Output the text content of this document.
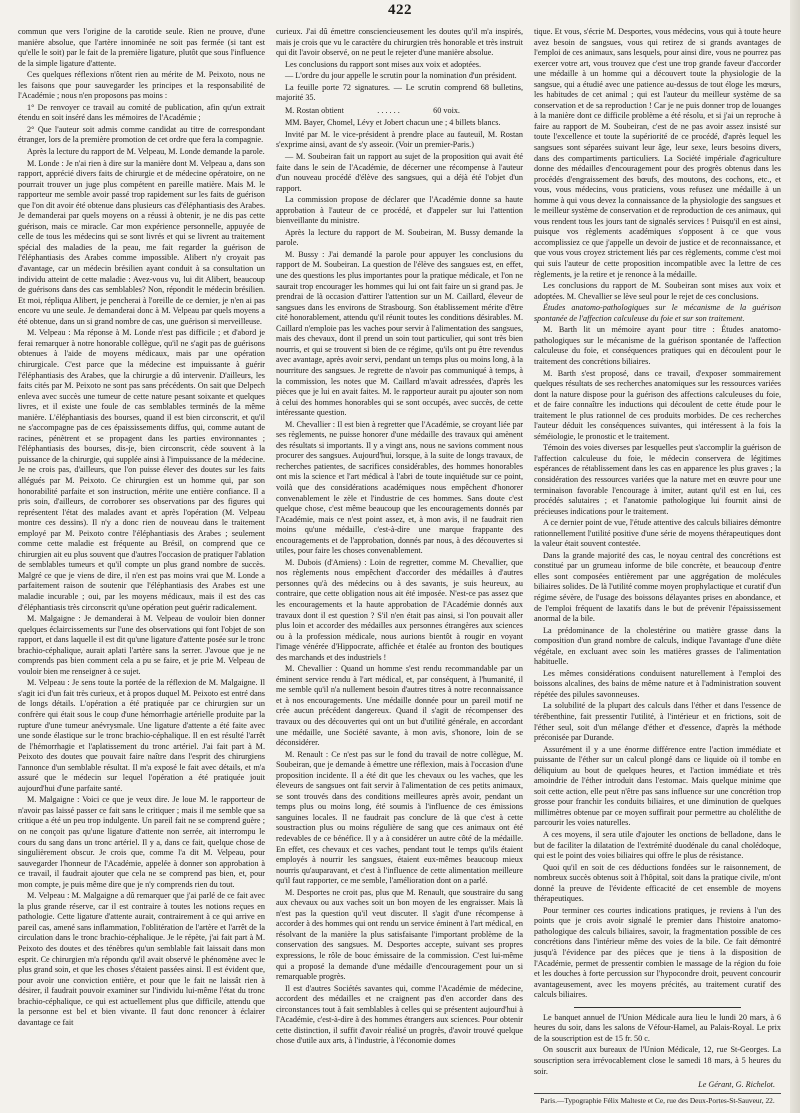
422

commun que vers l'origine de la carotide seule. Rien ne prouve, d'une manière absolue, que l'artère innominée ne soit pas fermée (si tant est qu'elle le soit) par le fait de la première ligature, plutôt que sous l'influence de la simple ligature d'attente.

Ces quelques réflexions n'ôtent rien au mérite de M. Peixoto, nous ne les faisons que pour sauvegarder les principes et la responsabilité de l'Académie ; nous n'en proposons pas moins :

1° De renvoyer ce travail au comité de publication, afin qu'un extrait étendu en soit inséré dans les mémoires de l'Académie ;

2° Que l'auteur soit admis comme candidat au titre de correspondant étranger, lors de la première promotion de cet ordre que fera la compagnie.

Après la lecture du rapport de M. Velpeau, M. Londe demande la parole.

M. Londe : Je n'ai rien à dire sur la manière dont M. Velpeau a, dans son rapport, apprécié divers faits de chirurgie et de médecine opératoire, on ne pourrait trouver un juge plus compétent en pareille matière. Mais M. le rapporteur me semble avoir passé trop rapidement sur les faits de guérison que l'on dit avoir été obtenue dans plusieurs cas d'éléphantiasis des Arabes. Je demanderai par quels moyens on a réussi à obtenir, je ne dis pas cette guérison, mais ce miracle. Car mon expérience personnelle, appuyée de celle de tous les médecins qui se sont livrés et qui se livrent au traitement spécial des maladies de la peau, me fait regarder la guérison de l'éléphantiasis des Arabes comme impossible. Alibert n'y croyait pas d'avantage, car un médecin brésilien ayant conduit à sa consultation un individu atteint de cette maladie : Avez-vous vu, lui dit Alibert, beaucoup de guérisons dans des cas semblables? Non, répondit le médecin brésilien. Et moi, répliqua Alibert, je pencherai à l'oreille de ce dernier, je n'en ai pas encore vu une seule. Je demanderai donc à M. Velpeau par quels moyens a été obtenue, dans un si grand nombre de cas, une guérison si merveilleuse.

M. Velpeau : Ma réponse à M. Londe n'est pas difficile ; et d'abord je ferai remarquer à notre honorable collègue, qu'il ne s'agit pas de guérisons obtenues à l'aide de moyens médicaux, mais par une opération chirurgicale. C'est parce que la médecine est impuissante à guérir l'éléphantiasis des Arabes, que la chirurgie a dû intervenir. D'ailleurs, les faits cités par M. Peixoto ne sont pas sans précédents. On sait que Delpech enleva avec succès une tumeur de cette nature pesant soixante et quelques livres, et il existe une foule de cas semblables terminés de la même manière. L'éléphantiasis des bourses, quand il est bien circonscrit, et qu'il ne s'accompagne pas de ces épaississements diffus, qui, comme autant de racines, pénètrent et se propagent dans les parties environnantes ; l'éléphantiasis des bourses, dis-je, bien circonscrit, cède souvent à la puissance de la chirurgie, qui supplée ainsi à l'impuissance de la médecine. Je ne crois pas, d'ailleurs, que l'on puisse élever des doutes sur les faits allégués par M. Peixoto. Ce chirurgien est un homme qui, par son honorabilité parfaite et son instruction, mérite une entière confiance. Il a pris soin, d'ailleurs, de corroborer ses observations par des figures qui représentent l'état des malades avant et après l'opération (M. Velpeau montre ces dessins). Il n'y a donc rien de nouveau dans le traitement employé par M. Peixoto contre l'éléphantiasis des Arabes ; seulement comme cette maladie est fréquente au Brésil, on comprend que ce chirurgien ait eu plus souvent que d'autres l'occasion de pratiquer l'ablation de semblables tumeurs et qu'il compte un plus grand nombre de succès. Malgré ce que je viens de dire, il n'en est pas moins vrai que M. Londe a parfaitement raison de soutenir que l'éléphantiasis des Arabes est une maladie incurable ; oui, par les moyens médicaux, mais il est des cas d'éléphantiasis très circonscrit qu'une opération peut guérir radicalement.

M. Malgaigne : Je demanderai à M. Velpeau de vouloir bien donner quelques éclaircissements sur l'une des observations qui font l'objet de son rapport, et dans laquelle il est dit qu'une ligature d'attente posée sur le tronc brachio-céphalique, aurait aplati l'artère sans la serrer. J'avoue que je ne comprends pas bien comment cela a pu se faire, et je prie M. Velpeau de vouloir bien me renseigner à ce sujet.

M. Velpeau : Je sens toute la portée de la réflexion de M. Malgaigne. Il s'agit ici d'un fait très curieux, et à propos duquel M. Peixoto est entré dans de longs détails. L'opération a été pratiquée par ce chirurgien sur un confrère qui était sous le coup d'une hémorrhagie artérielle produite par la rupture d'une tumeur anévrysmale. Une ligature d'attente a été faite avec une sonde élastique sur le tronc brachio-céphalique. Il en est résulté l'arrêt de l'hémorrhagie et l'aplatissement du tronc artériel. J'ai fait part à M. Peixoto des doutes que pouvait faire naître dans l'esprit des chirurgiens l'annonce d'un semblable résultat. Il m'a exposé le fait avec détails, et m'a assuré que le médecin sur lequel l'opération a été pratiquée jouit aujourd'hui d'une parfaite santé.

M. Malgaigne : Voici ce que je veux dire. Je loue M. le rapporteur de n'avoir pas laissé passer ce fait sans le critiquer ; mais il me semble que sa critique a été un peu trop indulgente. Un pareil fait ne se comprend guère ; on ne conçoit pas qu'une ligature d'attente non serrée, ait interrompu le cours du sang dans un tronc artériel. Il y a, dans ce fait, quelque chose de singulièrement obscur. Je crois que, comme l'a dit M. Velpeau, pour sauvegarder l'honneur de l'Académie, appelée à donner son approbation à ce travail, il faudrait ajouter que cela ne se comprend pas bien, et, pour mon compte, je puis même dire que je n'y comprends rien du tout.

M. Velpeau : M. Malgaigne a dû remarquer que j'ai parlé de ce fait avec la plus grande réserve, car il est contraire à toutes les notions reçues en pathologie. Cette ligature d'attente aurait, contrairement à ce qui arrive en pareil cas, amené sans inflammation, l'oblitération de l'artère et l'arrêt de la circulation dans le tronc brachio-céphalique. Je le répète, j'ai fait part à M. Peixoto des doutes et des ténèbres qu'un semblable fait laissait dans mon esprit. Ce chirurgien m'a répondu qu'il avait observé le phénomène avec le plus grand soin, et que les choses s'étaient passées ainsi. Il est évident que, pour avoir une conviction entière, et pour que le fait ne laissât rien à désirer, il faudrait pouvoir examiner sur l'individu lui-même l'état du tronc brachio-céphalique, ce qui est actuellement plus que difficile, attendu que la personne est bel et bien vivante. Il faut donc renoncer à éclairer davantage ce fait

curieux. J'ai dû émettre consciencieusement les doutes qu'il m'a inspirés, mais je crois que vu le caractère du chirurgien très honorable et très instruit qui dit l'avoir observé, on ne peut le rejeter d'une manière absolue.

Les conclusions du rapport sont mises aux voix et adoptées.

— L'ordre du jour appelle le scrutin pour la nomination d'un président.

La feuille porte 72 signatures. — Le scrutin comprend 68 bulletins, majorité 35.

M. Rostan obtient	. . . . . .	60 voix.

MM. Bayer, Chomel, Lévy et Jobert chacun une ; 4 billets blancs.

Invité par M. le vice-président à prendre place au fauteuil, M. Rostan s'exprime ainsi, avant de s'y asseoir. (Voir un premier-Paris.)

— M. Soubeiran fait un rapport au sujet de la proposition qui avait été faite dans le sein de l'Académie, de décerner une récompense à l'auteur d'un nouveau procédé d'élève des sangsues, qui a déjà été l'objet d'un rapport.

La commission propose de déclarer que l'Académie donne sa haute approbation à l'auteur de ce procédé, et d'appeler sur lui l'attention bienveillante du ministre.

Après la lecture du rapport de M. Soubeiran, M. Bussy demande la parole.

M. Bussy : J'ai demandé la parole pour appuyer les conclusions du rapport de M. Soubeiran. La question de l'élève des sangsues est, en effet, une des questions les plus importantes pour la pratique médicale, et l'on ne saurait trop encourager les hommes qui lui ont fait faire un si grand pas. Je prendrai de là occasion d'attirer l'attention sur un M. Caillard, éleveur de sangsues dans les environs de Strasbourg. Son établissement mérite d'être cité honorablement, attendu qu'il réunit toutes les conditions désirables. M. Caillard n'emploie pas les vaches pour servir à l'alimentation des sangsues, mais des chevaux, dont il prend un soin tout particulier, qui sont très bien nourris, et qui se trouvent si bien de ce régime, qu'ils ont pu être revendus avec avantage, après avoir servi, pendant un temps plus ou moins long, à la nourriture des sangsues. Je regrette de n'avoir pas communiqué à temps, à la commission, les notes que M. Caillard m'avait adressées, d'après les pièces que je lui en avait faites. M. le rapporteur aurait pu ajouter son nom à celui des hommes honorables qui se sont occupés, avec succès, de cette intéressante question.

M. Chevallier : Il est bien à regretter que l'Académie, se croyant liée par ses règlements, ne puisse honorer d'une médaille des travaux qui amènent des résultats si importants. Il y a vingt ans, nous ne savions comment nous procurer des sangsues. Aujourd'hui, lorsque, à la suite de longs travaux, de recherches patientes, de sacrifices considérables, des hommes honorables ont mis la science et l'art médical à l'abri de toute inquiétude sur ce point, voilà que des considérations académiques nous empêchent d'honorer convenablement le zèle et l'industrie de ces hommes. Sans doute c'est quelque chose, c'est même beaucoup que les encouragements donnés par l'Académie, mais ce n'est point assez, et, à mon avis, il ne faudrait rien moins qu'une médaille, c'est-à-dire une marque frappante des encouragements et de l'approbation, donnés par nous, à des découvertes si utiles, pour faire les choses convenablement.

M. Dubois (d'Amiens) : Loin de regretter, comme M. Chevallier, que nos règlements nous empêchent d'accorder des médailles à d'autres personnes qu'à des médecins ou à des savants, je suis heureux, au contraire, que cette obligation nous ait été imposée. N'est-ce pas assez que les encouragements et la haute approbation de l'Académie donnés aux travaux dont il est question ? S'il n'en était pas ainsi, si l'on pouvait aller plus loin et accorder des médailles aux personnes étrangères aux sciences ou à la profession médicale, nous aurions bientôt à rougir en voyant l'image vénérée d'Hippocrate, affichée et étalée au fronton des boutiques des marchands et des industriels !

M. Chevallier : Quand un homme s'est rendu recommandable par un éminent service rendu à l'art médical, et, par conséquent, à l'humanité, il me semble qu'il n'a nullement besoin d'autres titres à notre reconnaissance et à nos encouragements. Une médaille donnée pour un pareil motif ne crée aucun précédent dangereux. Quand il s'agit de récompenser des travaux ou des découvertes qui ont un but d'utilité générale, en accordant une médaille, une Société savante, à mon avis, s'honore, loin de se déconsidérer.

M. Renault : Ce n'est pas sur le fond du travail de notre collègue, M. Soubeiran, que je demande à émettre une réflexion, mais à l'occasion d'une proposition incidente. Il a été dit que les chevaux ou les vaches, que les éleveurs de sangsues ont fait servir à l'alimentation de ces petits animaux, se sont trouvés dans des conditions meilleures après avoir, pendant un temps plus ou moins long, été soumis à l'influence de ces émissions sanguines locales. Il ne faudrait pas conclure de là que c'est à cette soustraction plus ou moins régulière de sang que ces animaux ont été redevables de ce bénéfice. Il y a à considérer un autre côté de la médaille. En effet, ces chevaux et ces vaches, pendant tout le temps qu'ils étaient employés à nourrir les sangsues, étaient eux-mêmes beaucoup mieux nourris qu'auparavant, et c'est à l'influence de cette alimentation meilleure qu'il faut rapporter, ce me semble, l'amélioration dont on a parlé.

M. Desportes ne croit pas, plus que M. Renault, que soustraire du sang aux chevaux ou aux vaches soit un bon moyen de les engraisser. Mais là n'est pas la question qu'il veut discuter. Il s'agit d'une récompense à accorder à des hommes qui ont rendu un service éminent à l'art médical, en résolvant de la manière la plus satisfaisante l'important problème de la conservation des sangsues. M. Desportes accepte, suivant ses propres expressions, le rôle de bouc émissaire de la commission. C'est lui-même qui a proposé la demande d'une médaille d'encouragement pour un si remarquable progrès.

Il est d'autres Sociétés savantes qui, comme l'Académie de médecine, accordent des médailles et ne craignent pas d'en accorder dans des circonstances tout à fait semblables à celles qui se présentent aujourd'hui à l'Académie, c'est-à-dire à des hommes étrangers aux sciences. Pour obtenir cette distinction, il suffit d'avoir réalisé un progrès, d'avoir trouvé quelque chose d'utile aux arts, à l'industrie, à l'économie domes

tique. Et vous, s'écrie M. Desportes, vous médecins, vous qui à toute heure avez besoin de sangsues, vous qui retirez de si grands avantages de l'emploi de ces animaux, sans lesquels, pour ainsi dire, vous ne pourrez pas exercer votre art, vous trouvez que c'est une trop grande faveur d'accorder une médaille à un homme qui a découvert toute la physiologie de la sangsue, qui a étudié avec une patience au-dessus de tout éloge les mœurs, les habitudes de cet animal ; qui est l'auteur du meilleur système de sa conservation et de sa reproduction ! Car je ne puis donner trop de louanges à la manière dont ce difficile problème a été résolu, et si j'ai un reproche à faire au rapport de M. Soubeiran, c'est de ne pas avoir assez insisté sur toute l'excellence et toute la supériorité de ce procédé, d'après lequel les sangsues sont séparées suivant leur âge, leur sexe, leurs besoins divers, dans des compartiments particuliers. La Société impériale d'agriculture donne des médailles d'encouragement pour des progrès obtenus dans les procédés d'engraissement des bœufs, des moutons, des cochons, etc., et vous, vous médecins, vous praticiens, vous refusez une médaille à un homme à qui vous devez la connaissance de la physiologie des sangsues et le meilleur système de conservation et de reproduction de ces animaux, qui vous rendent tous les jours tant de signalés services ! Puisqu'il en est ainsi, puisque vos règlements académiques s'opposent à ce que vous accomplissiez ce que j'appelle un devoir de justice et de reconnaissance, et que vous vous croyez strictement liés par ces règlements, comme c'est moi qui suis l'auteur de cette proposition incompatible avec la lettre de ces règlements, je la retire et je renonce à la médaille.

Les conclusions du rapport de M. Soubeiran sont mises aux voix et adoptées. M. Chevallier se lève seul pour le rejet de ces conclusions.

Études anatomo-pathologiques sur le mécanisme de la guérison spontanée de l'affection calculeuse du foie et sur son traitement.

M. Barth lit un mémoire ayant pour titre : Études anatomo-pathologiques sur le mécanisme de la guérison spontanée de l'affection calculeuse du foie, et conséquences pratiques qui en découlent pour le traitement des concrétions biliaires.

M. Barth s'est proposé, dans ce travail, d'exposer sommairement quelques résultats de ses recherches anatomiques sur les ressources variées dont la nature dispose pour la guérison des affections calculeuses du foie, et de faire connaître les inductions qui découlent de cette étude pour le traitement le plus rationnel de ces produits morbides. De ces recherches l'auteur déduit les conséquences suivantes, qui intéressent à la fois la séméiologie, le pronostic et le traitement.

Témoin des voies diverses par lesquelles peut s'accomplir la guérison de l'affection calculeuse du foie, le médecin conservera de légitimes espérances de rétablissement dans les cas en apparence les plus graves ; la considération des ressources variées que la nature met en œuvre pour une terminaison favorable l'encourage à imiter, autant qu'il est en lui, ces procédés salutaires ; et l'anatomie pathologique lui fournit ainsi de précieuses indications pour le traitement.

A ce dernier point de vue, l'étude attentive des calculs biliaires démontre rationnellement l'utilité positive d'une série de moyens thérapeutiques dont la valeur était souvent contestée.

Dans la grande majorité des cas, le noyau central des concrétions est constitué par un grumeau informe de bile concrète, et beaucoup d'entre elles sont composées entièrement par une aggrégation de molécules biliaires solides. De là l'utilité comme moyen prophylactique et curatif d'un régime sévère, de l'usage des boissons délayantes prises en abondance, et de l'emploi fréquent de laxatifs dans le but de prévenir l'épaississement anormal de la bile.

La prédominance de la cholestérine ou matière grasse dans la composition d'un grand nombre de calculs, indique l'avantage d'une diète végétale, en excluant avec soin les matières grasses de l'alimentation habituelle.

Les mêmes considérations conduisent naturellement à l'emploi des boissons alcalines, des bains de même nature et à l'administration souvent répétée des pilules savonneuses.

La solubilité de la plupart des calculs dans l'éther et dans l'essence de térébenthine, fait pressentir l'utilité, à l'intérieur et en frictions, soit de l'éther seul, soit d'un mélange d'éther et d'essence, d'après la méthode préconisée par Durande.

Assurément il y a une énorme différence entre l'action immédiate et puissante de l'éther sur un calcul plongé dans ce liquide où il tombe en déliquium au bout de quelques heures, et l'action immédiate et très amoindrie de l'éther introduit dans l'estomac. Mais quelque minime que soit cette action, elle peut n'être pas sans influence sur une concrétion trop grosse pour franchir les conduits biliaires, et une diminution de quelques millimètres obtenue par ce moyen suffirait pour permettre au cholélithe de parcourir les voies naturelles.

A ces moyens, il sera utile d'ajouter les onctions de belladone, dans le but de faciliter la dilatation de l'extrémité duodénale du canal cholédoque, qui est le point des voies biliaires qui offre le plus de résistance.

Quoi qu'il en soit de ces déductions fondées sur le raisonnement, de nombreux succès obtenus soit à l'hôpital, soit dans la pratique civile, m'ont donné la preuve de l'évidente efficacité de cet ensemble de moyens thérapeutiques.

Pour terminer ces courtes indications pratiques, je reviens à l'un des points que je crois avoir signalé le premier dans l'histoire anatomo-pathologique des calculs biliaires, savoir, la fragmentation possible de ces concrétions dans l'intérieur même des voies de la bile. Ce fait démontré jusqu'à l'évidence par des pièces que je tiens à la disposition de l'Académie, permet de pressentir combien le massage de la région du foie et les douches à forte percussion sur l'hypocondre droit, peuvent concourir avantageusement, avec les moyens précités, au traitement curatif des calculs biliaires.

Le banquet annuel de l'Union Médicale aura lieu le lundi 20 mars, à 6 heures du soir, dans les salons de Véfour-Hamel, au Palais-Royal. Le prix de la souscription est de 15 fr. 50 c.

On souscrit aux bureaux de l'Union Médicale, 12, rue St-Georges. La souscription sera irrévocablement close le samedi 18 mars, à 5 heures du soir.

Le Gérant, G. Richelot.
Paris.—Typographie Félix Malteste et Ce, rue des Deux-Portes-St-Sauveur, 22.
